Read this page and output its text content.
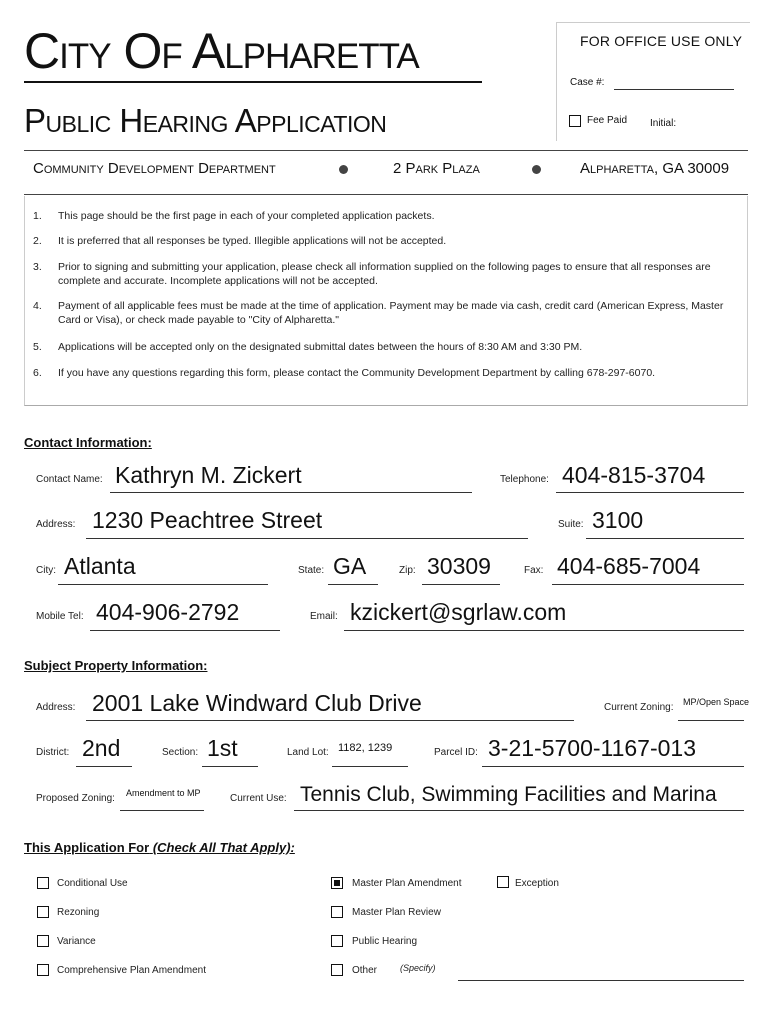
City Of Alpharetta
Public Hearing Application
FOR OFFICE USE ONLY
Case #:
Fee Paid Initial:
Community Development Department	2 Park Plaza	Alpharetta, GA 30009
1. This page should be the first page in each of your completed application packets.
2. It is preferred that all responses be typed. Illegible applications will not be accepted.
3. Prior to signing and submitting your application, please check all information supplied on the following pages to ensure that all responses are complete and accurate. Incomplete applications will not be accepted.
4. Payment of all applicable fees must be made at the time of application. Payment may be made via cash, credit card (American Express, Master Card or Visa), or check made payable to "City of Alpharetta."
5. Applications will be accepted only on the designated submittal dates between the hours of 8:30 AM and 3:30 PM.
6. If you have any questions regarding this form, please contact the Community Development Department by calling 678-297-6070.
Contact Information:
Contact Name: Kathryn M. Zickert	Telephone: 404-815-3704
Address: 1230 Peachtree Street	Suite: 3100
City: Atlanta	State: GA	Zip: 30309	Fax: 404-685-7004
Mobile Tel: 404-906-2792	Email: kzickert@sgrlaw.com
Subject Property Information:
Address: 2001 Lake Windward Club Drive	Current Zoning: MP/Open Space
District: 2nd	Section: 1st	Land Lot: 1182, 1239	Parcel ID: 3-21-5700-1167-013
Proposed Zoning: Amendment to MP	Current Use: Tennis Club, Swimming Facilities and Marina
This Application For (Check All That Apply):
Conditional Use
Rezoning
Variance
Comprehensive Plan Amendment
Master Plan Amendment
Master Plan Review
Public Hearing
Other	(Specify)
Exception
